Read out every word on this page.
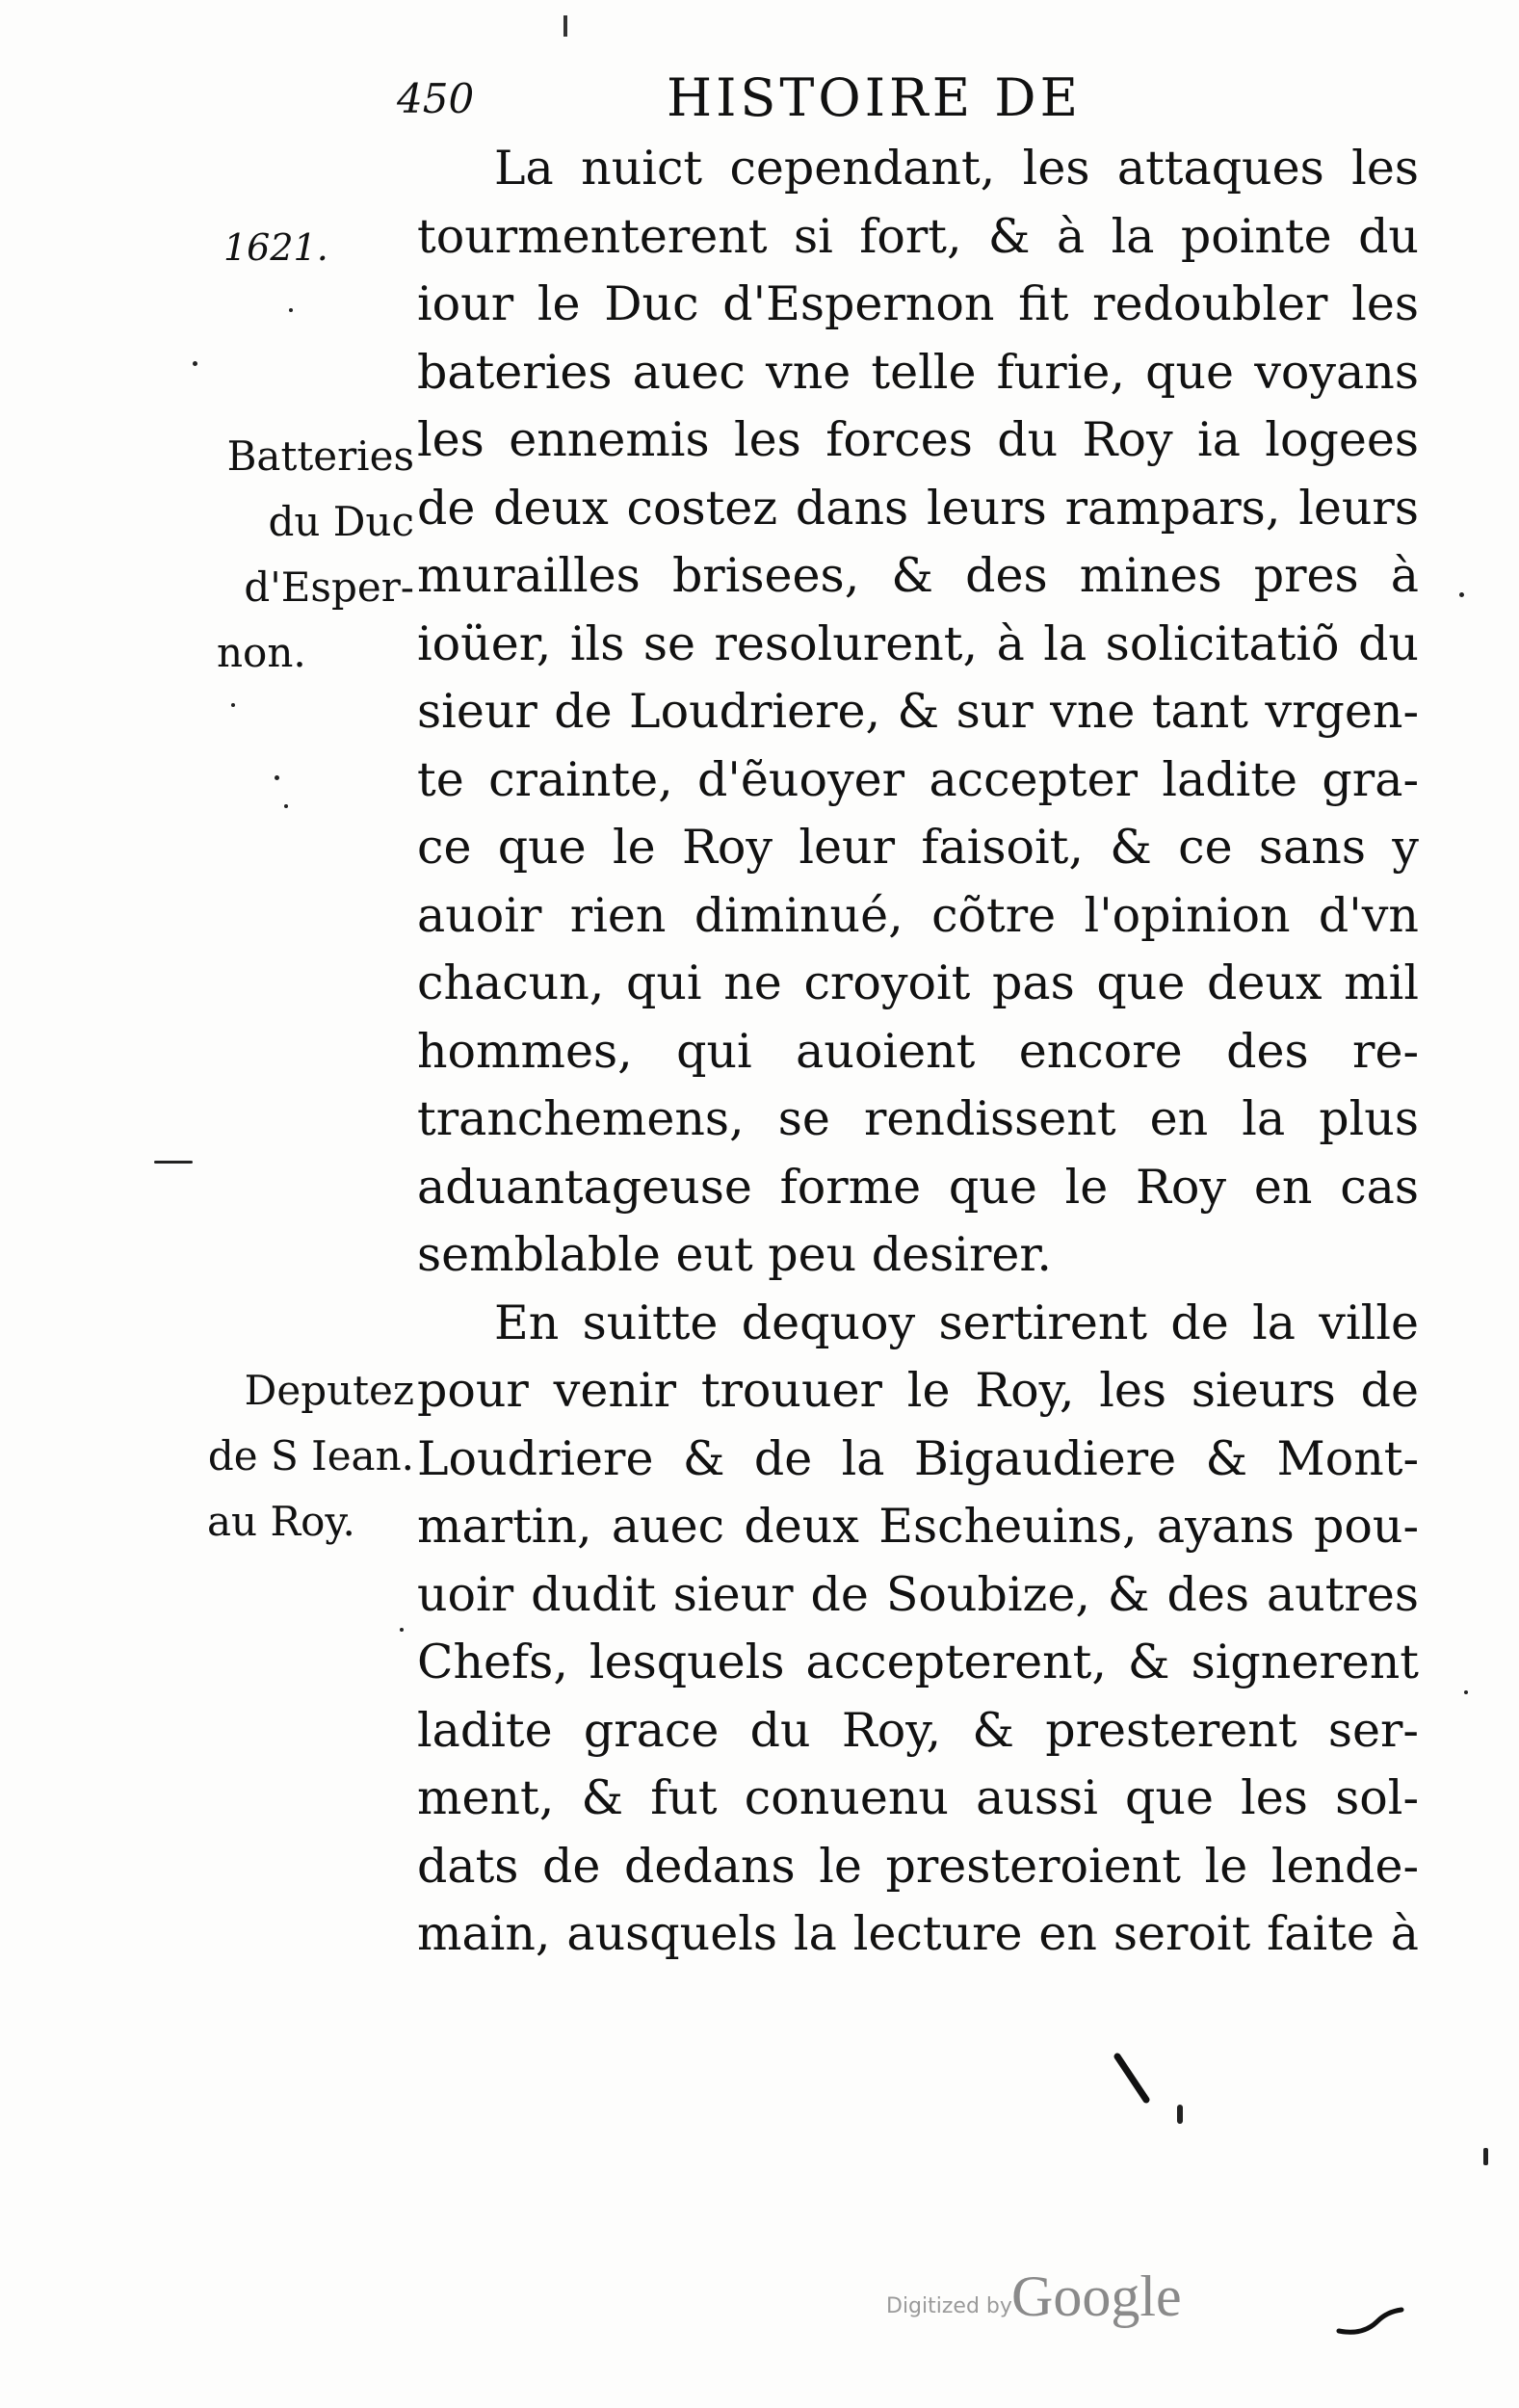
450	HISTOIRE DE
1621.
Batteries
du Duc
d'Esper-
non.
Deputez
de S Iean.
au Roy.
La nuict cependant, les attaques les
tourmenterent si fort, & à la pointe du
iour le Duc d'Espernon fit redoubler les
bateries auec vne telle furie, que voyans
les ennemis les forces du Roy ia logees
de deux costez dans leurs rampars, leurs
murailles brisees, & des mines pres à
ioüer, ils se resolurent, à la solicitatiõ du
sieur de Loudriere, & sur vne tant vrgen-
te crainte, d'ẽuoyer accepter ladite gra-
ce que le Roy leur faisoit, & ce sans y
auoir rien diminué, cõtre l'opinion d'vn
chacun, qui ne croyoit pas que deux mil
hommes, qui auoient encore des re-
tranchemens, se rendissent en la plus
aduantageuse forme que le Roy en cas
semblable eut peu desirer.
En suitte dequoy sertirent de la ville
pour venir trouuer le Roy, les sieurs de
Loudriere & de la Bigaudiere & Mont-
martin, auec deux Escheuins, ayans pou-
uoir dudit sieur de Soubize, & des autres
Chefs, lesquels accepterent, & signerent
ladite grace du Roy, & presterent ser-
ment, & fut conuenu aussi que les sol-
dats de dedans le presteroient le lende-
main, ausquels la lecture en seroit faite à
Digitized by Google
